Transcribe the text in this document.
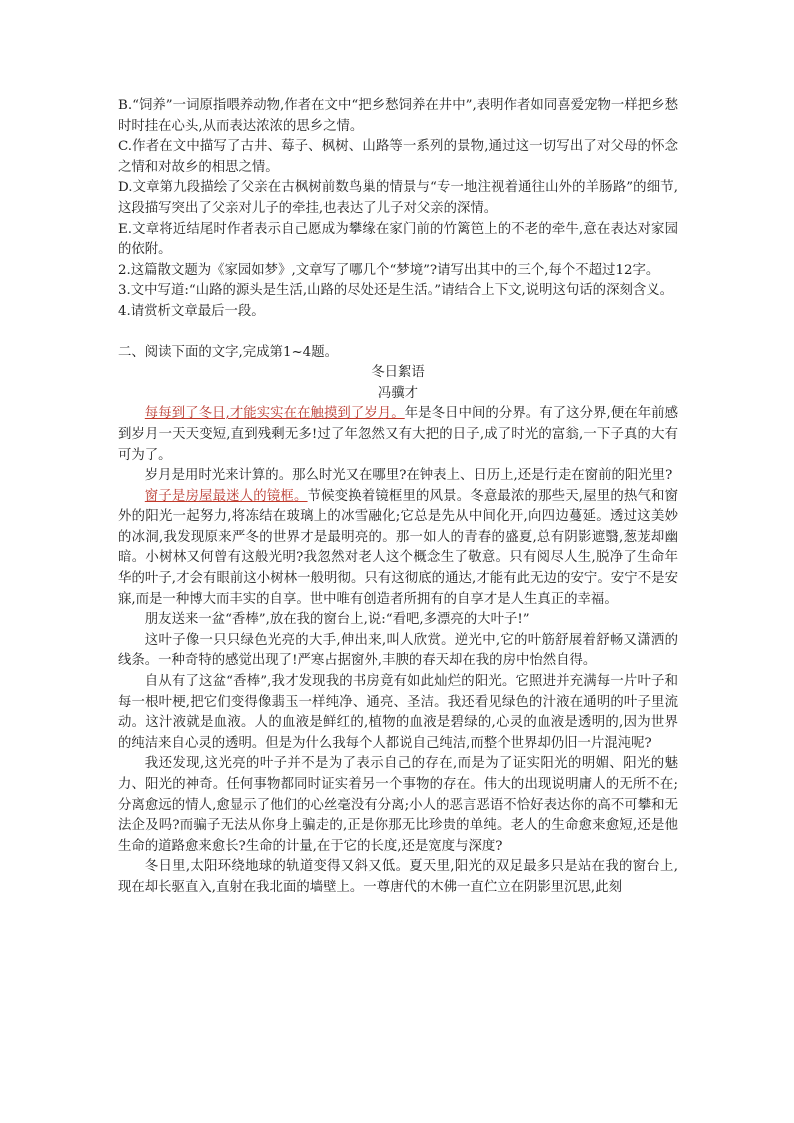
B.“饲养”一词原指喂养动物,作者在文中“把乡愁饲养在井中”,表明作者如同喜爱宠物一样把乡愁时时挂在心头,从而表达浓浓的思乡之情。

C.作者在文中描写了古井、莓子、枫树、山路等一系列的景物,通过这一切写出了对父母的怀念之情和对故乡的相思之情。

D.文章第九段描绘了父亲在古枫树前数鸟巢的情景与“专一地注视着通往山外的羊肠路”的细节,这段描写突出了父亲对儿子的牵挂,也表达了儿子对父亲的深情。

E.文章将近结尾时作者表示自己愿成为攀缘在家门前的竹篱笆上的不老的牵牛,意在表达对家园的依附。

2.这篇散文题为《家园如梦》,文章写了哪几个“梦境”?请写出其中的三个,每个不超过12字。

3.文中写道:“山路的源头是生活,山路的尽处还是生活。”请结合上下文,说明这句话的深刻含义。

4.请赏析文章最后一段。

二、阅读下面的文字,完成第1~4题。

冬日絮语

冯骥才

每每到了冬日,才能实实在在触摸到了岁月。年是冬日中间的分界。有了这分界,便在年前感到岁月一天天变短,直到残剩无多!过了年忽然又有大把的日子,成了时光的富翁,一下子真的大有可为了。

岁月是用时光来计算的。那么时光又在哪里?在钟表上、日历上,还是行走在窗前的阳光里?

窗子是房屋最迷人的镜框。节候变换着镜框里的风景。冬意最浓的那些天,屋里的热气和窗外的阳光一起努力,将冻结在玻璃上的冰雪融化;它总是先从中间化开,向四边蔓延。透过这美妙的冰洞,我发现原来严冬的世界才是最明亮的。那一如人的青春的盛夏,总有阴影遮翳,葱茏却幽暗。小树林又何曾有这般光明?我忽然对老人这个概念生了敬意。只有阅尽人生,脱净了生命年华的叶子,才会有眼前这小树林一般明彻。只有这彻底的通达,才能有此无边的安宁。安宁不是安寐,而是一种博大而丰实的自享。世中唯有创造者所拥有的自享才是人生真正的幸福。

朋友送来一盆“香棒”,放在我的窗台上,说:“看吧,多漂亮的大叶子!”

这叶子像一只只绿色光亮的大手,伸出来,叫人欣赏。逆光中,它的叶筋舒展着舒畅又潇洒的线条。一种奇特的感觉出现了!严寒占据窗外,丰腴的春天却在我的房中怡然自得。

自从有了这盆“香棒”,我才发现我的书房竟有如此灿烂的阳光。它照进并充满每一片叶子和每一根叶梗,把它们变得像翡玉一样纯净、通亮、圣洁。我还看见绿色的汁液在通明的叶子里流动。这汁液就是血液。人的血液是鲜红的,植物的血液是碧绿的,心灵的血液是透明的,因为世界的纯洁来自心灵的透明。但是为什么我每个人都说自己纯洁,而整个世界却仍旧一片混沌呢?

我还发现,这光亮的叶子并不是为了表示自己的存在,而是为了证实阳光的明媚、阳光的魅力、阳光的神奇。任何事物都同时证实着另一个事物的存在。伟大的出现说明庸人的无所不在;分离愈远的情人,愈显示了他们的心丝毫没有分离;小人的恶言恶语不恰好表达你的高不可攀和无法企及吗?而骗子无法从你身上骗走的,正是你那无比珍贵的单纯。老人的生命愈来愈短,还是他生命的道路愈来愈长?生命的计量,在于它的长度,还是宽度与深度?

冬日里,太阳环绕地球的轨道变得又斜又低。夏天里,阳光的双足最多只是站在我的窗台上,现在却长驱直入,直射在我北面的墙壁上。一尊唐代的木佛一直伫立在阴影里沉思,此刻
